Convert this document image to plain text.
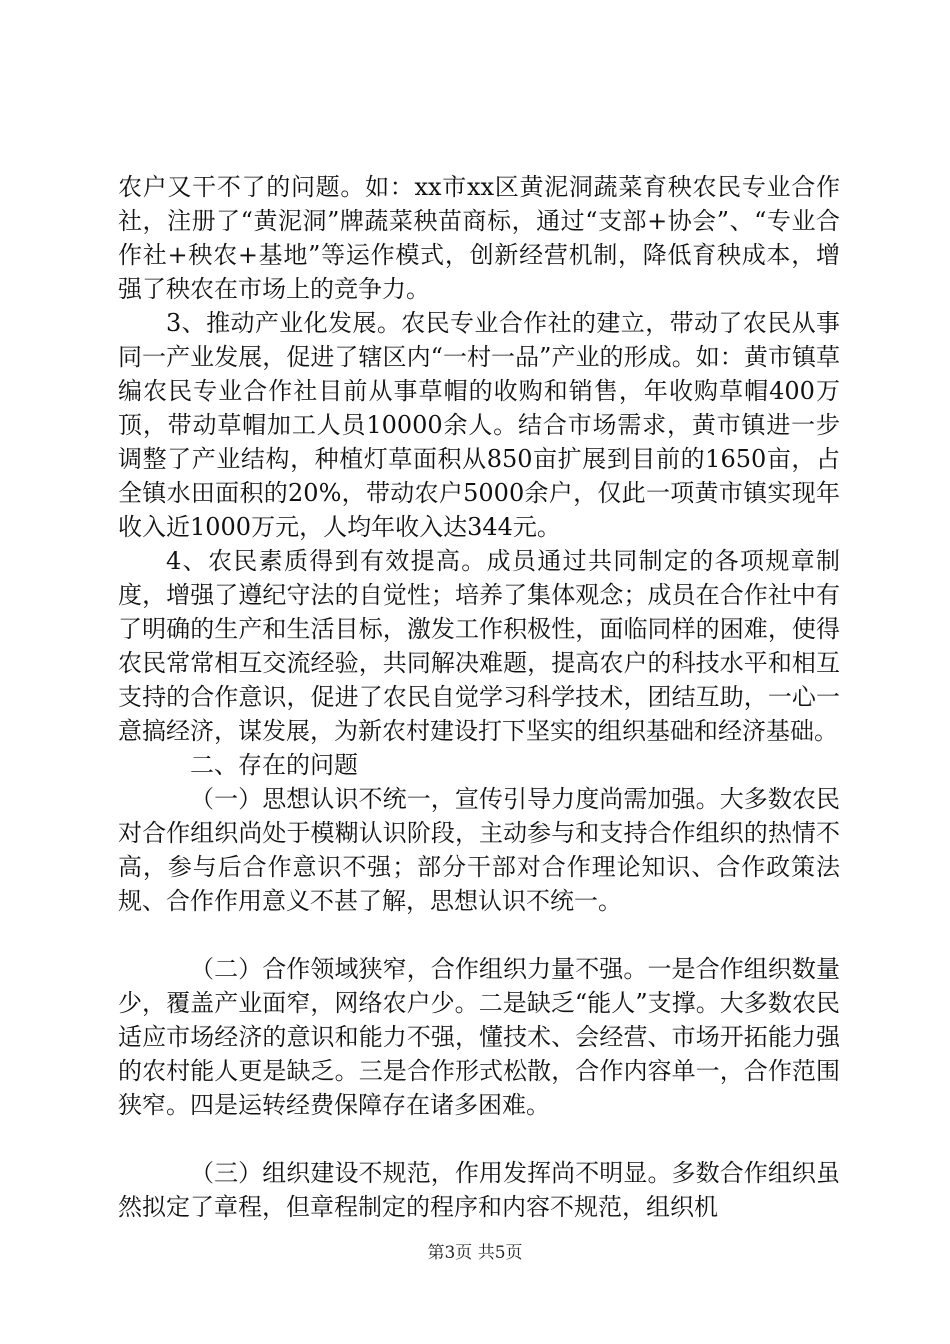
农户又干不了的问题。如：xx市xx区黄泥洞蔬菜育秧农民专业合作社，注册了“黄泥洞”牌蔬菜秧苗商标，通过“支部+协会”、“专业合作社+秧农+基地”等运作模式，创新经营机制，降低育秧成本，增强了秧农在市场上的竞争力。

3、推动产业化发展。农民专业合作社的建立，带动了农民从事同一产业发展，促进了辖区内“一村一品”产业的形成。如：黄市镇草编农民专业合作社目前从事草帽的收购和销售，年收购草帽400万顶，带动草帽加工人员10000余人。结合市场需求，黄市镇进一步调整了产业结构，种植灯草面积从850亩扩展到目前的1650亩，占全镇水田面积的20%，带动农户5000余户，仅此一项黄市镇实现年收入近1000万元，人均年收入达344元。

4、农民素质得到有效提高。成员通过共同制定的各项规章制度，增强了遵纪守法的自觉性；培养了集体观念；成员在合作社中有了明确的生产和生活目标，激发工作积极性，面临同样的困难，使得农民常常相互交流经验，共同解决难题，提高农户的科技水平和相互支持的合作意识，促进了农民自觉学习科学技术，团结互助，一心一意搞经济，谋发展，为新农村建设打下坚实的组织基础和经济基础。

二、存在的问题

（一）思想认识不统一，宣传引导力度尚需加强。大多数农民对合作组织尚处于模糊认识阶段，主动参与和支持合作组织的热情不高，参与后合作意识不强；部分干部对合作理论知识、合作政策法规、合作作用意义不甚了解，思想认识不统一。

（二）合作领域狭窄，合作组织力量不强。一是合作组织数量少，覆盖产业面窄，网络农户少。二是缺乏“能人”支撑。大多数农民适应市场经济的意识和能力不强，懂技术、会经营、市场开拓能力强的农村能人更是缺乏。三是合作形式松散，合作内容单一，合作范围狭窄。四是运转经费保障存在诸多困难。

（三）组织建设不规范，作用发挥尚不明显。多数合作组织虽然拟定了章程，但章程制定的程序和内容不规范，组织机

第3页 共5页
